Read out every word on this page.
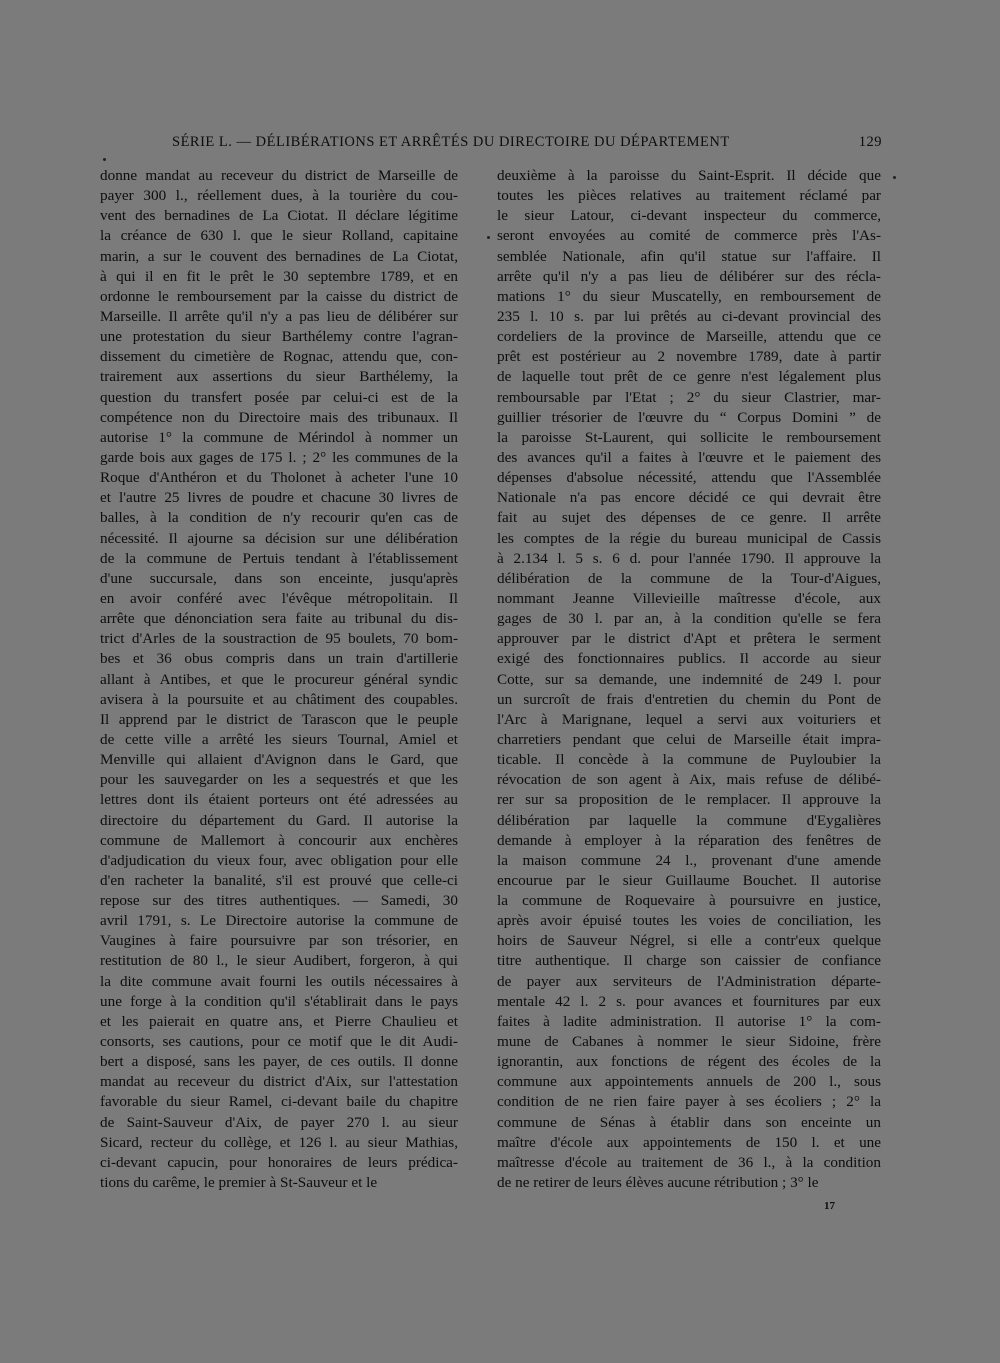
SÉRIE L. — DÉLIBÉRATIONS ET ARRÊTÉS DU DIRECTOIRE DU DÉPARTEMENT	129
donne mandat au receveur du district de Marseille de
payer 300 l., réellement dues, à la tourière du cou-
vent des bernadines de La Ciotat. Il déclare légitime
la créance de 630 l. que le sieur Rolland, capitaine
marin, a sur le couvent des bernadines de La Ciotat,
à qui il en fit le prêt le 30 septembre 1789, et en
ordonne le remboursement par la caisse du district de
Marseille. Il arrête qu'il n'y a pas lieu de délibérer sur
une protestation du sieur Barthélemy contre l'agran-
dissement du cimetière de Rognac, attendu que, con-
trairement aux assertions du sieur Barthélemy, la
question du transfert posée par celui-ci est de la
compétence non du Directoire mais des tribunaux. Il
autorise 1° la commune de Mérindol à nommer un
garde bois aux gages de 175 l. ; 2° les communes de la
Roque d'Anthéron et du Tholonet à acheter l'une 10
et l'autre 25 livres de poudre et chacune 30 livres de
balles, à la condition de n'y recourir qu'en cas de
nécessité. Il ajourne sa décision sur une délibération
de la commune de Pertuis tendant à l'établissement
d'une succursale, dans son enceinte, jusqu'après
en avoir conféré avec l'évêque métropolitain. Il
arrête que dénonciation sera faite au tribunal du dis-
trict d'Arles de la soustraction de 95 boulets, 70 bom-
bes et 36 obus compris dans un train d'artillerie
allant à Antibes, et que le procureur général syndic
avisera à la poursuite et au châtiment des coupables.
Il apprend par le district de Tarascon que le peuple
de cette ville a arrêté les sieurs Tournal, Amiel et
Menville qui allaient d'Avignon dans le Gard, que
pour les sauvegarder on les a sequestrés et que les
lettres dont ils étaient porteurs ont été adressées au
directoire du département du Gard. Il autorise la
commune de Mallemort à concourir aux enchères
d'adjudication du vieux four, avec obligation pour elle
d'en racheter la banalité, s'il est prouvé que celle-ci
repose sur des titres authentiques. — Samedi, 30
avril 1791, s. Le Directoire autorise la commune de
Vaugines à faire poursuivre par son trésorier, en
restitution de 80 l., le sieur Audibert, forgeron, à qui
la dite commune avait fourni les outils nécessaires à
une forge à la condition qu'il s'établirait dans le pays
et les paierait en quatre ans, et Pierre Chaulieu et
consorts, ses cautions, pour ce motif que le dit Audi-
bert a disposé, sans les payer, de ces outils. Il donne
mandat au receveur du district d'Aix, sur l'attestation
favorable du sieur Ramel, ci-devant baile du chapitre
de Saint-Sauveur d'Aix, de payer 270 l. au sieur
Sicard, recteur du collège, et 126 l. au sieur Mathias,
ci-devant capucin, pour honoraires de leurs prédica-
tions du carême, le premier à St-Sauveur et le
deuxième à la paroisse du Saint-Esprit. Il décide que
toutes les pièces relatives au traitement réclamé par
le sieur Latour, ci-devant inspecteur du commerce,
seront envoyées au comité de commerce près l'As-
semblée Nationale, afin qu'il statue sur l'affaire. Il
arrête qu'il n'y a pas lieu de délibérer sur des récla-
mations 1° du sieur Muscatelly, en remboursement de
235 l. 10 s. par lui prêtés au ci-devant provincial des
cordeliers de la province de Marseille, attendu que ce
prêt est postérieur au 2 novembre 1789, date à partir
de laquelle tout prêt de ce genre n'est légalement plus
remboursable par l'Etat ; 2° du sieur Clastrier, mar-
guillier trésorier de l'œuvre du “ Corpus Domini ” de
la paroisse St-Laurent, qui sollicite le remboursement
des avances qu'il a faites à l'œuvre et le paiement des
dépenses d'absolue nécessité, attendu que l'Assemblée
Nationale n'a pas encore décidé ce qui devrait être
fait au sujet des dépenses de ce genre. Il arrête
les comptes de la régie du bureau municipal de Cassis
à 2.134 l. 5 s. 6 d. pour l'année 1790. Il approuve la
délibération de la commune de la Tour-d'Aigues,
nommant Jeanne Villevieille maîtresse d'école, aux
gages de 30 l. par an, à la condition qu'elle se fera
approuver par le district d'Apt et prêtera le serment
exigé des fonctionnaires publics. Il accorde au sieur
Cotte, sur sa demande, une indemnité de 249 l. pour
un surcroît de frais d'entretien du chemin du Pont de
l'Arc à Marignane, lequel a servi aux voituriers et
charretiers pendant que celui de Marseille était impra-
ticable. Il concède à la commune de Puyloubier la
révocation de son agent à Aix, mais refuse de délibé-
rer sur sa proposition de le remplacer. Il approuve la
délibération par laquelle la commune d'Eygalières
demande à employer à la réparation des fenêtres de
la maison commune 24 l., provenant d'une amende
encourue par le sieur Guillaume Bouchet. Il autorise
la commune de Roquevaire à poursuivre en justice,
après avoir épuisé toutes les voies de conciliation, les
hoirs de Sauveur Négrel, si elle a contr'eux quelque
titre authentique. Il charge son caissier de confiance
de payer aux serviteurs de l'Administration départe-
mentale 42 l. 2 s. pour avances et fournitures par eux
faites à ladite administration. Il autorise 1° la com-
mune de Cabanes à nommer le sieur Sidoine, frère
ignorantin, aux fonctions de régent des écoles de la
commune aux appointements annuels de 200 l., sous
condition de ne rien faire payer à ses écoliers ; 2° la
commune de Sénas à établir dans son enceinte un
maître d'école aux appointements de 150 l. et une
maîtresse d'école au traitement de 36 l., à la condition
de ne retirer de leurs élèves aucune rétribution ; 3° le
17
